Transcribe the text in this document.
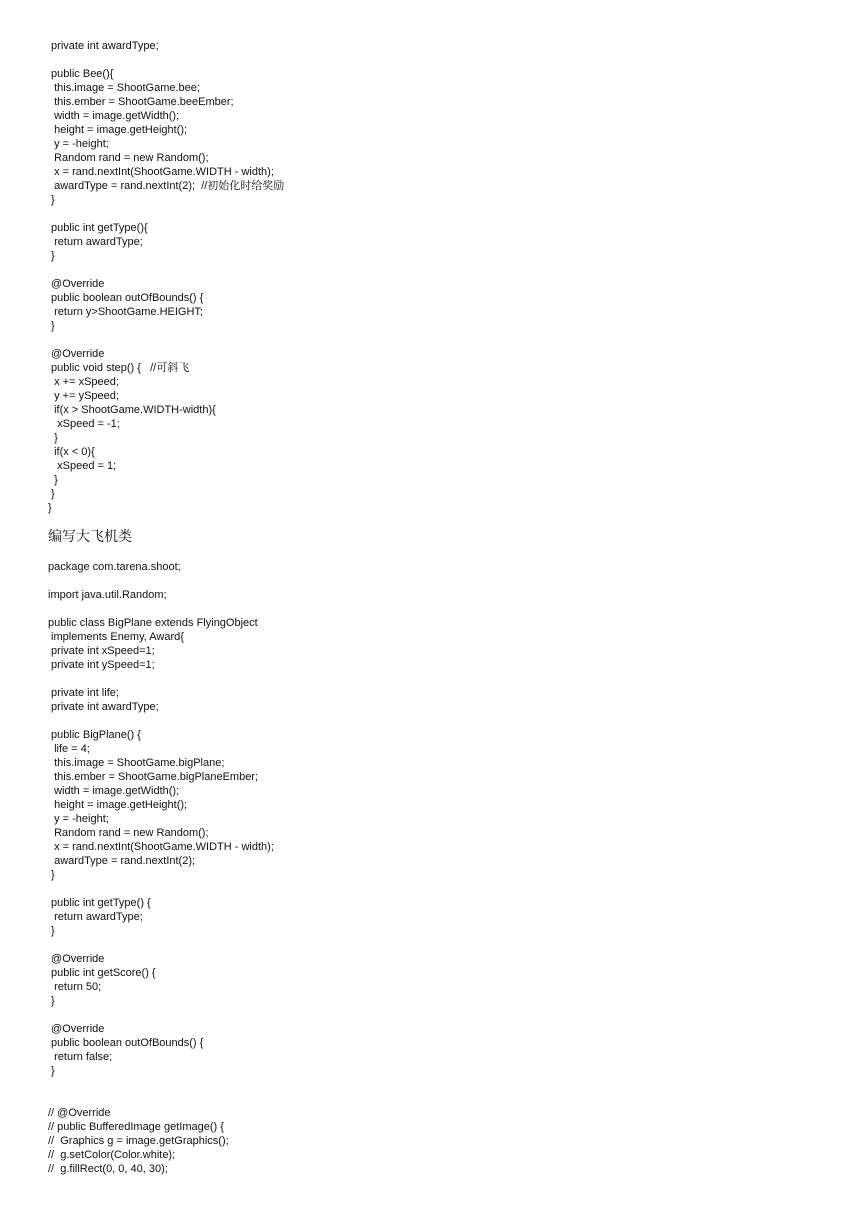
private int awardType;
public Bee(){
this.image = ShootGame.bee;
this.ember = ShootGame.beeEmber;
width = image.getWidth();
height = image.getHeight();
y = -height;
Random rand = new Random();
x = rand.nextInt(ShootGame.WIDTH - width);
awardType = rand.nextInt(2);  //初始化时给奖励
}
public int getType(){
return awardType;
}
@Override
public boolean outOfBounds() {
return y>ShootGame.HEIGHT;
}
@Override
public void step() {   //可斜飞
x += xSpeed;
y += ySpeed;
if(x > ShootGame.WIDTH-width){
xSpeed = -1;
}
if(x < 0){
xSpeed = 1;
}
}
}
编写大飞机类
package com.tarena.shoot;
import java.util.Random;
public class BigPlane extends FlyingObject
implements Enemy, Award{
private int xSpeed=1;
private int ySpeed=1;
private int life;
private int awardType;
public BigPlane() {
life = 4;
this.image = ShootGame.bigPlane;
this.ember = ShootGame.bigPlaneEmber;
width = image.getWidth();
height = image.getHeight();
y = -height;
Random rand = new Random();
x = rand.nextInt(ShootGame.WIDTH - width);
awardType = rand.nextInt(2);
}
public int getType() {
return awardType;
}
@Override
public int getScore() {
return 50;
}
@Override
public boolean outOfBounds() {
return false;
}
// @Override
// public BufferedImage getImage() {
//  Graphics g = image.getGraphics();
//  g.setColor(Color.white);
//  g.fillRect(0, 0, 40, 30);
